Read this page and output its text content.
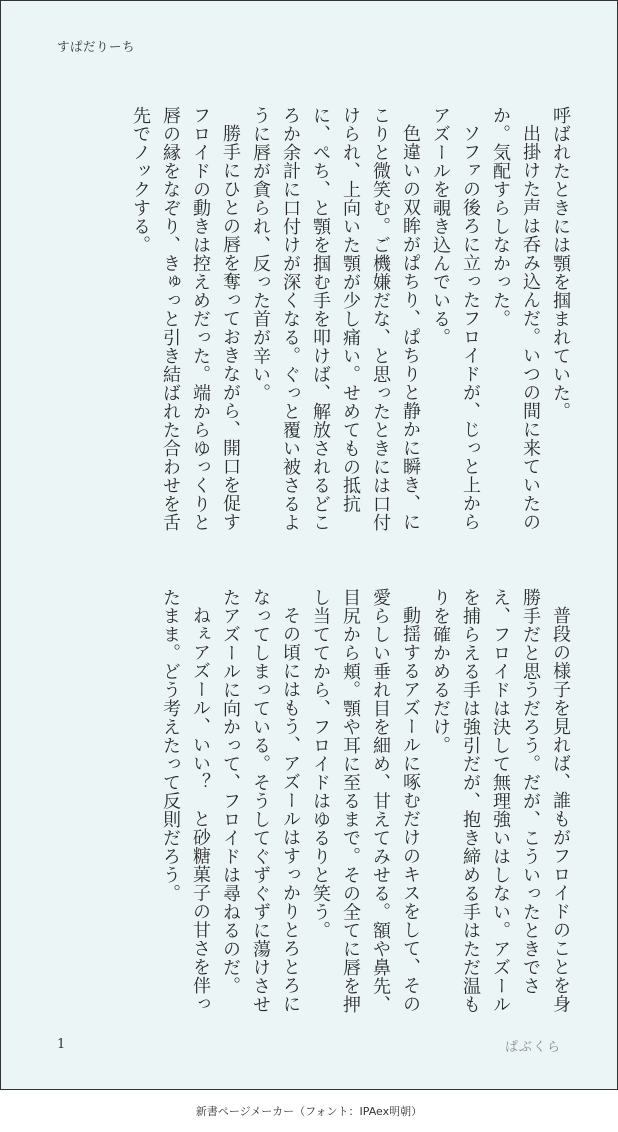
すぱだりーち

呼ばれたときには顎を掴まれていた。

出掛けた声は呑み込んだ。いつの間に来ていたのか。気配すらしなかった。

ソファの後ろに立ったフロイドが、じっと上からアズールを覗き込んでいる。

色違いの双眸がぱちり、ぱちりと静かに瞬き、にこりと微笑む。ご機嫌だな、と思ったときには口付けられ、上向いた顎が少し痛い。せめてもの抵抗に、ぺち、と顎を掴む手を叩けば、解放されるどころか余計に口付けが深くなる。ぐっと覆い被さるように唇が貪られ、反った首が辛い。

勝手にひとの唇を奪っておきながら、開口を促すフロイドの動きは控えめだった。端からゆっくりと唇の縁をなぞり、きゅっと引き結ばれた合わせを舌先でノックする。

普段の様子を見れば、誰もがフロイドのことを身勝手だと思うだろう。だが、こういったときでさえ、フロイドは決して無理強いはしない。アズールを捕らえる手は強引だが、抱き締める手はただ温もりを確かめるだけ。

動揺するアズールに啄むだけのキスをして、その愛らしい垂れ目を細め、甘えてみせる。額や鼻先、目尻から頬。顎や耳に至るまで。その全てに唇を押し当ててから、フロイドはゆるりと笑う。

その頃にはもう、アズールはすっかりとろとろになってしまっている。そうしてぐずぐずに蕩けさせたアズールに向かって、フロイドは尋ねるのだ。

ねぇアズール、いい？　と砂糖菓子の甘さを伴ったまま。どう考えたって反則だろう。

1	ぱぶくら
新書ページメーカー（フォント：IPAex明朝）
